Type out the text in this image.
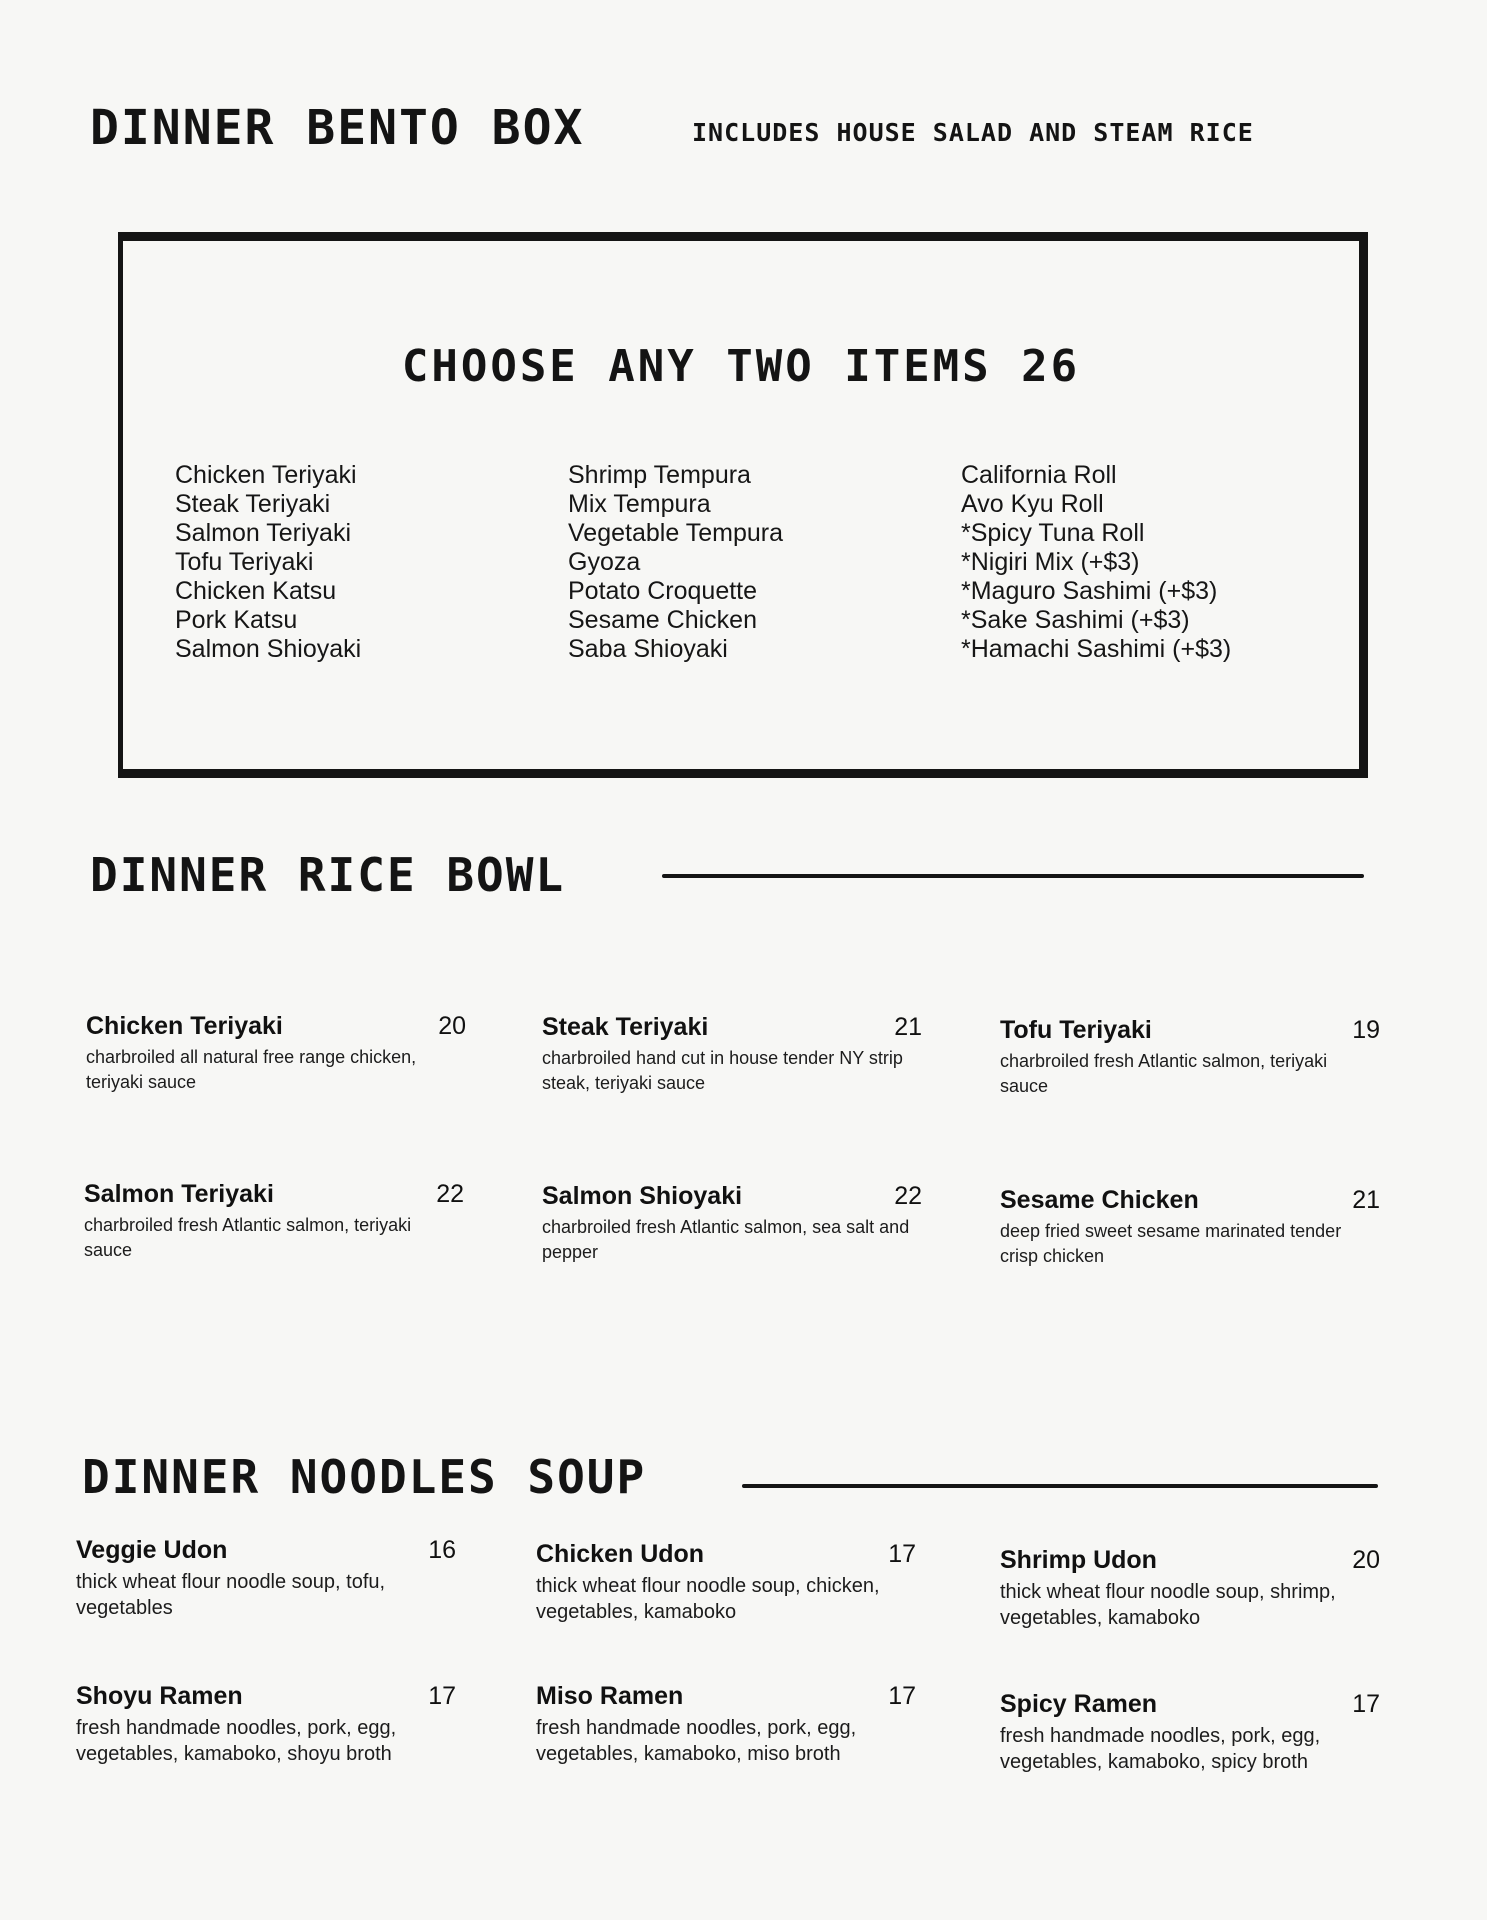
DINNER BENTO BOX	INCLUDES HOUSE SALAD AND STEAM RICE
CHOOSE ANY TWO ITEMS 26
Chicken Teriyaki
Steak Teriyaki
Salmon Teriyaki
Tofu Teriyaki
Chicken Katsu
Pork Katsu
Salmon Shioyaki
Shrimp Tempura
Mix Tempura
Vegetable Tempura
Gyoza
Potato Croquette
Sesame Chicken
Saba Shioyaki
California Roll
Avo Kyu Roll
*Spicy Tuna Roll
*Nigiri Mix (+$3)
*Maguro Sashimi (+$3)
*Sake Sashimi (+$3)
*Hamachi Sashimi (+$3)
DINNER RICE BOWL
Chicken Teriyaki	20
charbroiled all natural free range chicken, teriyaki sauce
Steak Teriyaki	21
charbroiled hand cut in house tender NY strip steak, teriyaki sauce
Tofu Teriyaki	19
charbroiled fresh Atlantic salmon, teriyaki sauce
Salmon Teriyaki	22
charbroiled fresh Atlantic salmon, teriyaki sauce
Salmon Shioyaki	22
charbroiled fresh Atlantic salmon, sea salt and pepper
Sesame Chicken	21
deep fried sweet sesame marinated tender crisp chicken
DINNER NOODLES SOUP
Veggie Udon	16
thick wheat flour noodle soup, tofu, vegetables
Chicken Udon	17
thick wheat flour noodle soup, chicken, vegetables, kamaboko
Shrimp Udon	20
thick wheat flour noodle soup, shrimp, vegetables, kamaboko
Shoyu Ramen	17
fresh handmade noodles, pork, egg, vegetables, kamaboko, shoyu broth
Miso Ramen	17
fresh handmade noodles, pork, egg, vegetables, kamaboko, miso broth
Spicy Ramen	17
fresh handmade noodles, pork, egg, vegetables, kamaboko, spicy broth
